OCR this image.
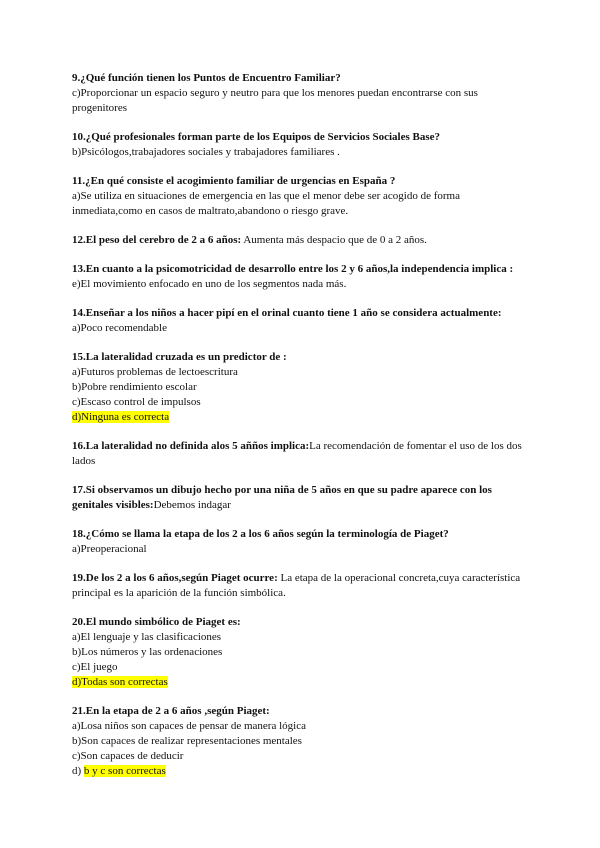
9.¿Qué función tienen los Puntos de Encuentro Familiar?
c)Proporcionar un espacio seguro y neutro para que los menores puedan encontrarse con sus progenitores
10.¿Qué profesionales forman parte de los Equipos de Servicios Sociales Base?
b)Psicólogos,trabajadores sociales y trabajadores familiares .
11.¿En qué consiste el acogimiento familiar de urgencias en España ?
a)Se utiliza en situaciones de emergencia en las que el menor debe ser acogido de forma inmediata,como en casos de maltrato,abandono o riesgo grave.
12.El peso del cerebro de 2 a 6 años: Aumenta más despacio que de 0 a 2 años.
13.En cuanto a la psicomotricidad de desarrollo entre los 2 y 6 años,la independencia implica :
e)El movimiento enfocado en uno de los segmentos nada más.
14.Enseñar a los niños a hacer pipí en el orinal cuanto tiene 1 año se considera actualmente:
a)Poco recomendable
15.La lateralidad cruzada es un predictor de :
a)Futuros problemas de lectoescritura
b)Pobre rendimiento escolar
c)Escaso control de impulsos
d)Ninguna es correcta
16.La lateralidad no definida alos 5 añños implica:La recomendación de fomentar el uso de los dos lados
17.Si observamos un dibujo hecho por una niña de 5 años en que su padre aparece con los genitales visibles:Debemos indagar
18.¿Cómo se llama la etapa de los 2 a los 6 años según la terminología de Piaget?
a)Preoperacional
19.De los 2 a los 6 años,según Piaget ocurre: La etapa de la operacional concreta,cuya característica principal es la aparición de la función simbólica.
20.El mundo simbólico de Piaget es:
a)El lenguaje y las clasificaciones
b)Los números y las ordenaciones
c)El juego
d)Todas son correctas
21.En la etapa de 2 a 6 años ,según Piaget:
a)Losa niños son capaces de pensar de manera lógica
b)Son capaces de realizar representaciones mentales
c)Son capaces de deducir
d) b y c son correctas
